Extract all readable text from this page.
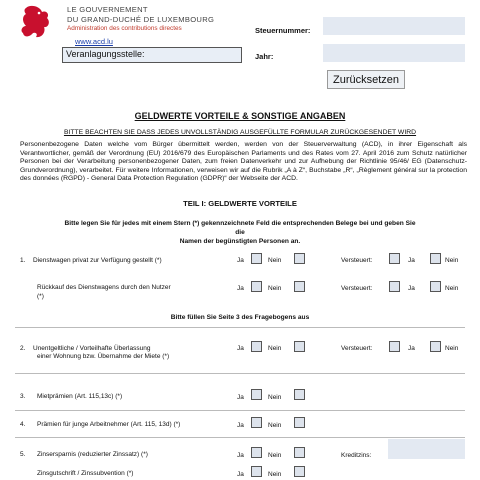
LE GOUVERNEMENT
DU GRAND-DUCHÉ DE LUXEMBOURG
Administration des contributions directes
www.acd.lu
Veranlagungsstelle:
Steuernummer:
Jahr:
Zurücksetzen
GELDWERTE VORTEILE & SONSTIGE ANGABEN
BITTE BEACHTEN SIE DASS JEDES UNVOLLSTÄNDIG AUSGEFÜLLTE FORMULAR ZURÜCKGESENDET WIRD
Personenbezogene Daten welche vom Bürger übermittelt werden, werden von der Steuerverwaltung (ACD), in ihrer Eigenschaft als Verantwortlicher, gemäß der Verordnung (EU) 2016/679 des Europäischen Parlaments und des Rates vom 27. April 2016 zum Schutz natürlicher Personen bei der Verarbeitung personenbezogener Daten, zum freien Datenverkehr und zur Aufhebung der Richtlinie 95/46/ EG (Datenschutz-Grundverordnung), verarbeitet. Für weitere Informationen, verweisen wir auf die Rubrik „A à Z“, Buchstabe „R“, „Règlement général sur la protection des données (RGPD) - General Data Protection Regulation (GDPR)“ der Webseite der ACD.
TEIL I: GELDWERTE VORTEILE
Bitte legen Sie für jedes mit einem Stern (*) gekennzeichnete Feld die entsprechenden Belege bei und geben Sie die
Namen der begünstigten Personen an.
1. Dienstwagen privat zur Verfügung gestellt (*)	Ja	Nein	Versteuert:	Ja	Nein
Rückkauf des Dienstwagens durch den Nutzer
(*)
Ja	Nein	Versteuert:	Ja	Nein
Bitte füllen Sie Seite 3 des Fragebogens aus
2. Unentgeltliche / Vorteilhafte Überlassung
einer Wohnung bzw. Übernahme der Miete (*)
Ja	Nein	Versteuert:	Ja	Nein
3. Mietprämien (Art. 115,13c) (*)	Ja	Nein
4. Prämien für junge Arbeitnehmer (Art. 115, 13d) (*)	Ja	Nein
5. Zinsersparnis (reduzierter Zinssatz) (*)	Ja	Nein	Kreditzins:
Zinsgutschrift / Zinssubvention (*)	Ja	Nein
